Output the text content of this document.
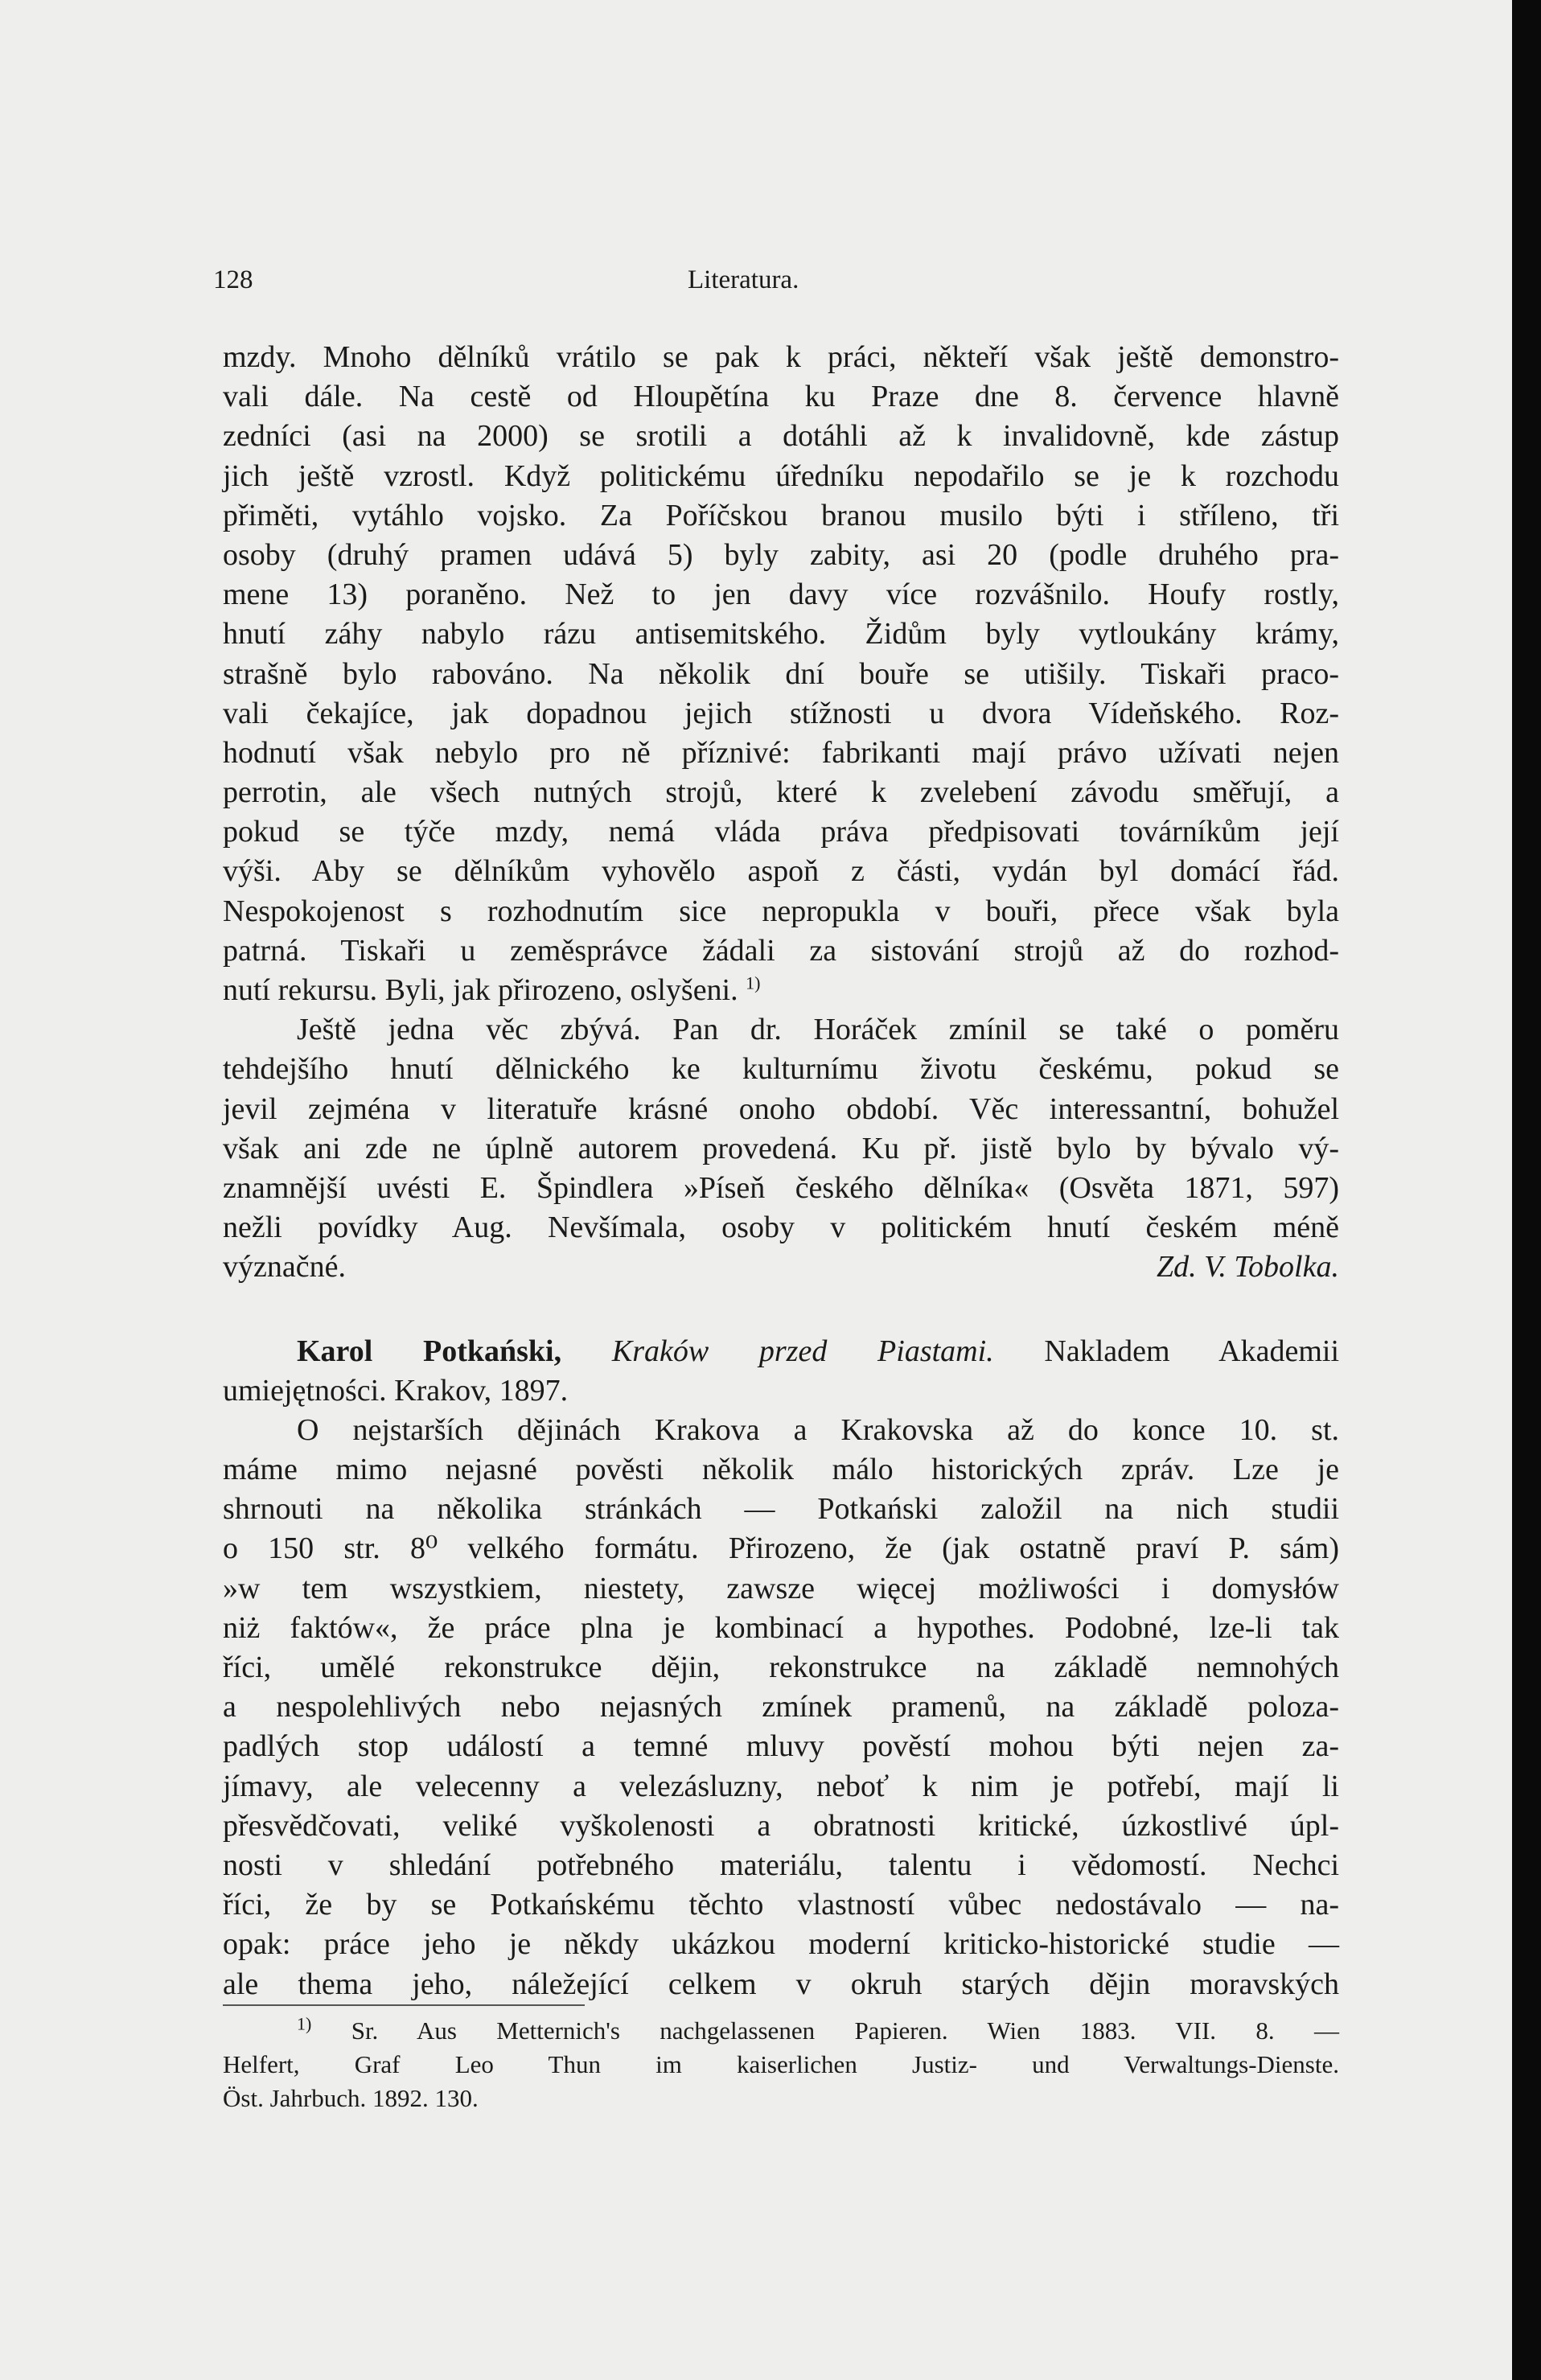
128	Literatura.
mzdy. Mnoho dělníků vrátilo se pak k práci, někteří však ještě demonstro-
vali dále. Na cestě od Hloupětína ku Praze dne 8. července hlavně
zedníci (asi na 2000) se srotili a dotáhli až k invalidovně, kde zástup
jich ještě vzrostl. Když politickému úředníku nepodařilo se je k rozchodu
přiměti, vytáhlo vojsko. Za Poříčskou branou musilo býti i stříleno, tři
osoby (druhý pramen udává 5) byly zabity, asi 20 (podle druhého pra-
mene 13) poraněno. Než to jen davy více rozvášnilo. Houfy rostly,
hnutí záhy nabylo rázu antisemitského. Židům byly vytloukány krámy,
strašně bylo rabováno. Na několik dní bouře se utišily. Tiskaři praco-
vali čekajíce, jak dopadnou jejich stížnosti u dvora Vídeňského. Roz-
hodnutí však nebylo pro ně příznivé: fabrikanti mají právo užívati nejen
perrotin, ale všech nutných strojů, které k zvelebení závodu směřují, a
pokud se týče mzdy, nemá vláda práva předpisovati továrníkům její
výši. Aby se dělníkům vyhovělo aspoň z části, vydán byl domácí řád.
Nespokojenost s rozhodnutím sice nepropukla v bouři, přece však byla
patrná. Tiskaři u zeměsprávce žádali za sistování strojů až do rozhod-
nutí rekursu. Byli, jak přirozeno, oslyšeni. $^{1)}$
Ještě jedna věc zbývá. Pan dr. Horáček zmínil se také o poměru
tehdejšího hnutí dělnického ke kulturnímu životu českému, pokud se
jevil zejména v literatuře krásné onoho období. Věc interessantní, bohužel
však ani zde ne úplně autorem provedená. Ku př. jistě bylo by bývalo vý-
znamnější uvésti E. Špindlera »Píseň českého dělníka« (Osvěta 1871, 597)
nežli povídky Aug. Nevšímala, osoby v politickém hnutí českém méně
význačné.	Zd. V. Tobolka.
Karol Potkański, Kraków przed Piastami. Nakladem Akademii
umiejętności. Krakov, 1897.
O nejstarších dějinách Krakova a Krakovska až do konce 10. st.
máme mimo nejasné pověsti několik málo historických zpráv. Lze je
shrnouti na několika stránkách — Potkański založil na nich studii
o 150 str. 8⁰ velkého formátu. Přirozeno, že (jak ostatně praví P. sám)
»w tem wszystkiem, niestety, zawsze więcej możliwości i domysłów
niż faktów«, že práce plna je kombinací a hypothes. Podobné, lze-li tak
říci, umělé rekonstrukce dějin, rekonstrukce na základě nemnohých
a nespolehlivých nebo nejasných zmínek pramenů, na základě poloza-
padlých stop událostí a temné mluvy pověstí mohou býti nejen za-
jímavy, ale velecenny a velezásluzny, neboť k nim je potřebí, mají li
přesvědčovati, veliké vyškolenosti a obratnosti kritické, úzkostlivé úpl-
nosti v shledání potřebného materiálu, talentu i vědomostí. Nechci
říci, že by se Potkańskému těchto vlastností vůbec nedostávalo — na-
opak: práce jeho je někdy ukázkou moderní kriticko-historické studie —
ale thema jeho, náležející celkem v okruh starých dějin moravských
$^{1)}$ Sr. Aus Metternich's nachgelassenen Papieren. Wien 1883. VII. 8. —
Helfert, Graf Leo Thun im kaiserlichen Justiz- und Verwaltungs-Dienste.
Öst. Jahrbuch. 1892. 130.
